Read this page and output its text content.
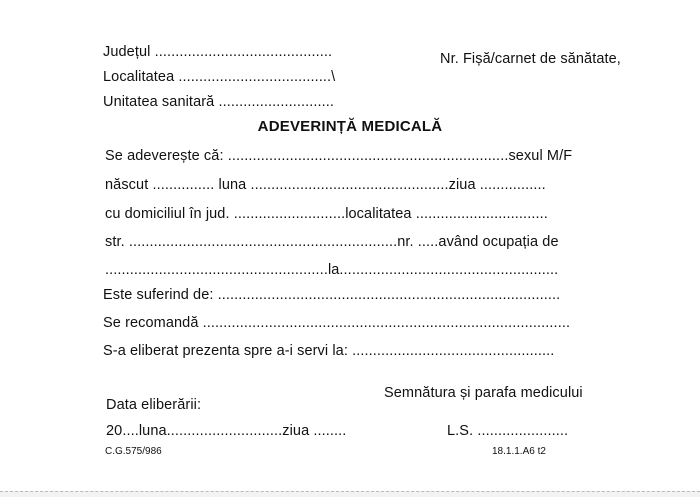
Județul ...........................................
Localitatea .....................................\
Unitatea sanitară ............................
Nr. Fișă/carnet de sănătate,
ADEVERINȚĂ MEDICALĂ
Se adeverește că: ....................................................................sexul M/F
născut ............... luna ................................................ziua ................
cu domiciliul în jud. ...........................localitatea ................................
str. .................................................................nr. .....având ocupația de
......................................................la.....................................................
Este suferind de: ...................................................................................
Se recomandă .........................................................................................
S-a eliberat prezenta spre a-i servi la: .................................................
Semnătura și parafa medicului
Data eliberării:
20....luna............................ziua ........	L.S. ......................
C.G.575/986	18.1.1.A6 t2
